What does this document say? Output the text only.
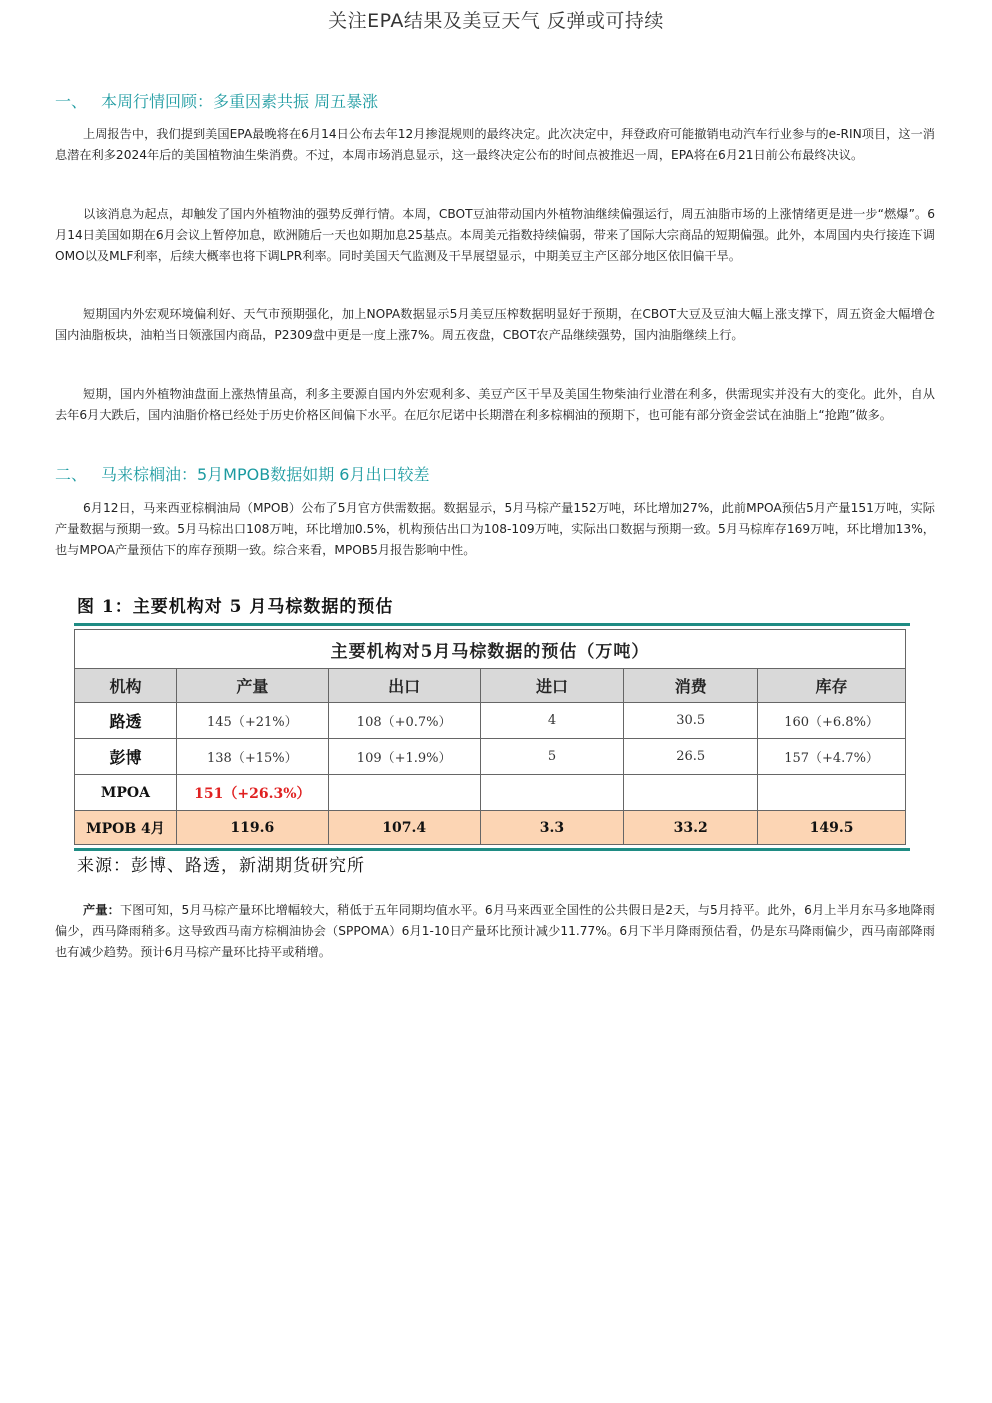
关注EPA结果及美豆天气 反弹或可持续
一、 本周行情回顾：多重因素共振 周五暴涨

上周报告中，我们提到美国EPA最晚将在6月14日公布去年12月掺混规则的最终决定。此次决定中，拜登政府可能撤销电动汽车行业参与的e-RIN项目，这一消息潜在利多2024年后的美国植物油生柴消费。不过，本周市场消息显示，这一最终决定公布的时间点被推迟一周，EPA将在6月21日前公布最终决议。

以该消息为起点，却触发了国内外植物油的强势反弹行情。本周，CBOT豆油带动国内外植物油继续偏强运行，周五油脂市场的上涨情绪更是进一步“燃爆”。6月14日美国如期在6月会议上暂停加息，欧洲随后一天也如期加息25基点。本周美元指数持续偏弱，带来了国际大宗商品的短期偏强。此外，本周国内央行接连下调OMO以及MLF利率，后续大概率也将下调LPR利率。同时美国天气监测及干旱展望显示，中期美豆主产区部分地区依旧偏干旱。

短期国内外宏观环境偏利好、天气市预期强化，加上NOPA数据显示5月美豆压榨数据明显好于预期，在CBOT大豆及豆油大幅上涨支撑下，周五资金大幅增仓国内油脂板块，油粕当日领涨国内商品，P2309盘中更是一度上涨7%。周五夜盘，CBOT农产品继续强势，国内油脂继续上行。

短期，国内外植物油盘面上涨热情虽高，利多主要源自国内外宏观利多、美豆产区干旱及美国生物柴油行业潜在利多，供需现实并没有大的变化。此外，自从去年6月大跌后，国内油脂价格已经处于历史价格区间偏下水平。在厄尔尼诺中长期潜在利多棕榈油的预期下，也可能有部分资金尝试在油脂上“抢跑”做多。

二、 马来棕榈油：5月MPOB数据如期 6月出口较差

6月12日，马来西亚棕榈油局（MPOB）公布了5月官方供需数据。数据显示，5月马棕产量152万吨，环比增加27%，此前MPOA预估5月产量151万吨，实际产量数据与预期一致。5月马棕出口108万吨，环比增加0.5%，机构预估出口为108-109万吨，实际出口数据与预期一致。5月马棕库存169万吨，环比增加13%，也与MPOA产量预估下的库存预期一致。综合来看，MPOB5月报告影响中性。

图 1：主要机构对 5 月马棕数据的预估
主要机构对5月马棕数据的预估（万吨）					
机构	产量	出口	进口	消费	库存
路透	145（+21%）	108（+0.7%）	4	30.5	160（+6.8%）
彭博	138（+15%）	109（+1.9%）	5	26.5	157（+4.7%）
MPOA	151（+26.3%）				
MPOB 4月	119.6	107.4	3.3	33.2	149.5
来源：彭博、路透，新湖期货研究所

产量：下图可知，5月马棕产量环比增幅较大，稍低于五年同期均值水平。6月马来西亚全国性的公共假日是2天，与5月持平。此外，6月上半月东马多地降雨偏少，西马降雨稍多。这导致西马南方棕榈油协会（SPPOMA）6月1-10日产量环比预计减少11.77%。6月下半月降雨预估看，仍是东马降雨偏少，西马南部降雨也有减少趋势。预计6月马棕产量环比持平或稍增。
